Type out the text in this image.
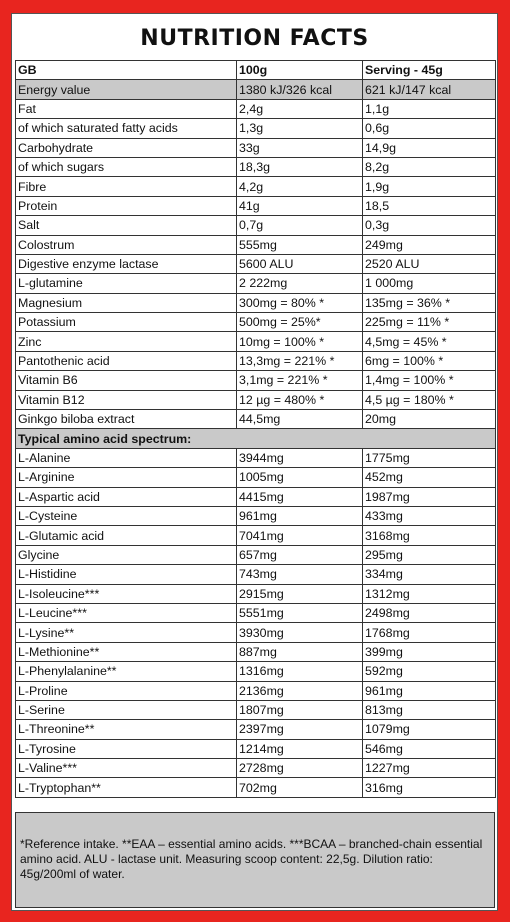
NUTRITION FACTS
GB	100g	Serving - 45g
Energy value	1380 kJ/326 kcal	621 kJ/147 kcal
Fat	2,4g	1,1g
of which saturated fatty acids	1,3g	0,6g
Carbohydrate	33g	14,9g
of which sugars	18,3g	8,2g
Fibre	4,2g	1,9g
Protein	41g	18,5
Salt	0,7g	0,3g
Colostrum	555mg	249mg
Digestive enzyme lactase	5600 ALU	2520 ALU
L-glutamine	2 222mg	1 000mg
Magnesium	300mg = 80% *	135mg = 36% *
Potassium	500mg = 25%*	225mg = 11% *
Zinc	10mg = 100% *	4,5mg = 45% *
Pantothenic acid	13,3mg = 221% *	6mg = 100% *
Vitamin B6	3,1mg = 221% *	1,4mg = 100% *
Vitamin B12	12 µg = 480% *	4,5 µg = 180% *
Ginkgo biloba extract	44,5mg	20mg
Typical amino acid spectrum:		
L-Alanine	3944mg	1775mg
L-Arginine	1005mg	452mg
L-Aspartic acid	4415mg	1987mg
L-Cysteine	961mg	433mg
L-Glutamic acid	7041mg	3168mg
Glycine	657mg	295mg
L-Histidine	743mg	334mg
L-Isoleucine***	2915mg	1312mg
L-Leucine***	5551mg	2498mg
L-Lysine**	3930mg	1768mg
L-Methionine**	887mg	399mg
L-Phenylalanine**	1316mg	592mg
L-Proline	2136mg	961mg
L-Serine	1807mg	813mg
L-Threonine**	2397mg	1079mg
L-Tyrosine	1214mg	546mg
L-Valine***	2728mg	1227mg
L-Tryptophan**	702mg	316mg
*Reference intake. **EAA – essential amino acids. ***BCAA – branched-chain essential amino acid. ALU - lactase unit. Measuring scoop content: 22,5g. Dilution ratio: 45g/200ml of water.
